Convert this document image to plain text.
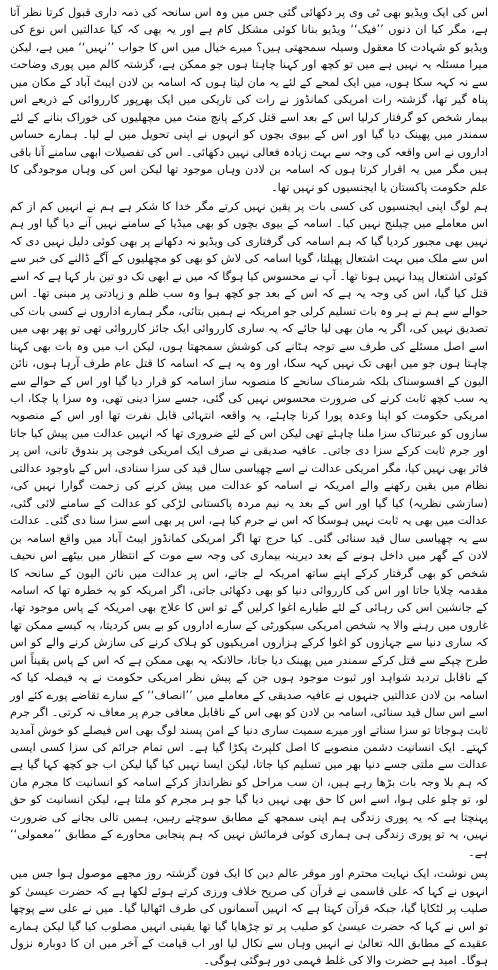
اس کی ایک ویڈیو بھی ٹی وی پر دکھائی گئی جس میں وہ اس سانحہ کی ذمہ داری قبول کرتا نظر آتا ہے، مگر کیا ان دنوں ’’فیک‘‘ ویڈیو بنانا کوئی مشکل کام ہے اور یہ بھی کہ کیا عدالتیں اس نوع کی ویڈیو کو شہادت کا معقول وسیلہ سمجھتی ہیں؟ میرے خیال میں اس کا جواب ’’نہیں‘‘ میں ہے، لیکن میرا مسئلہ یہ نہیں ہے میں تو کچھ اور کہنا چاہتا ہوں جو ممکن ہے، گزشتہ کالم میں پوری وضاحت سے نہ کہہ سکا ہوں، میں ایک لمحے کے لئے یہ مان لیتا ہوں کہ اسامہ بن لادن ایبٹ آباد کے مکان میں پناہ گیر تھا، گزشتہ رات امریکی کمانڈوز نے رات کی تاریکی میں ایک بھرپور کارروائی کے ذریعے اس بیمار شخص کو گرفتار کرلیا اس کے بعد اسے قتل کرکے پانچ منٹ میں مچھلیوں کی خوراک بنانے کے لئے سمندر میں پھینک دیا گیا اور اس کے بیوی بچوں کو انہوں نے اپنی تحویل میں لے لیا۔ ہمارے حساس اداروں نے اس واقعہ کی وجہ سے بہت زیادہ فعالی نہیں دکھائی۔ اس کی تفصیلات ابھی سامنے آنا باقی ہیں مگر میں یہ اقرار کرتا ہوں کہ اسامہ بن لادن وہاں موجود تھا لیکن اس کی وہاں موجودگی کا علم حکومت پاکستان یا ایجنسیوں کو نہیں تھا۔

ہم لوگ اپنی ایجنسیوں کی کسی بات پر یقین نہیں کرتے مگر خدا کا شکر ہے ہم نے انہیں کم از کم اس معاملے میں چیلنج نہیں کیا۔ اسامہ کے بیوی بچوں کو بھی میڈیا کے سامنے نہیں آنے دیا گیا اور ہم نہیں بھی مجبور کردیا گیا کہ ہم اسامہ کی گرفتاری کی ویڈیو نہ دکھانے پر بھی کوئی دلیل نہیں دی کہ اس سے ملک میں بہت اشتعال پھیلتا، گویا اسامہ کی لاش کو بھی کو مچھلیوں کے آگے ڈالنے کی خبر سے کوئی اشتعال پیدا نہیں ہونا تھا۔ آپ نے محسوس کیا ہوگا کہ میں نے ابھی تک دو تین بار کہا ہے کہ اسے قتل کیا گیا، اس کی وجہ یہ ہے کہ اس کے بعد جو کچھ ہوا وہ سب ظلم و زیادتی پر مبنی تھا۔ اس حوالے سے ہم نے ہر وہ بات تسلیم کرلی جو امریکہ نے ہمیں بتائی، مگر ہمارے اداروں نے کسی بات کی تصدیق نہیں کی، اگر یہ مان بھی لیا جائے کہ یہ ساری کارروائی ایک جائز کارروائی تھی تو پھر بھی میں اسے اصل مسئلے کی طرف سے توجہ ہٹانے کی کوشش سمجھتا ہوں، لیکن اب میں وہ بات بھی کہنا چاہتا ہوں جو میں ابھی تک نہیں کہہ سکا، اور وہ یہ ہے کہ اسامہ کا قتل عام طرف آرہا ہوں، نائن الیون کے افسوسناک بلکہ شرمناک سانحے کا منصوبہ ساز اسامہ کو قرار دیا گیا اور اس کے حوالے سے یہ سب کچھ ثابت کرنے کی ضرورت محسوس نہیں کی گئی، جسے سزا دینی تھی، وہ سزا پا چکا، اب امریکی حکومت کو اپنا وعدہ پورا کرنا چاہئے، یہ واقعہ انتہائی قابل نفرت تھا اور اس کے منصوبہ سازوں کو عبرتناک سزا ملنا چاہئے تھی لیکن اس کے لئے ضروری تھا کہ انہیں عدالت میں پیش کیا جاتا اور جرم ثابت کرکے سزا دی جاتی۔ عافیہ صدیقی نے صرف ایک امریکی فوجی پر بندوق تانی، اس پر فائر بھی نہیں کیا، مگر امریکی عدالت نے اسے چھیاسی سال قید کی سزا سنادی، اس کے باوجود عدالتی نظام میں یقین رکھنے والے امریکہ نے اسامہ کو عدالت میں پیش کرنے کی زحمت گوارا نہیں کی، (سازشی نظریہ) کیا گیا اور اس کے بعد یہ نیم مردہ پاکستانی لڑکی کو عدالت کے سامنے لائی گئی، عدالت میں بھی یہ ثابت نہیں ہوسکا کہ اس نے جرم کیا ہے، اس پر بھی اسے سزا سنا دی گئی۔ عدالت سے یہ چھیاسی سال قید سنائی گئی۔ کیا حرج تھا اگر امریکی کمانڈوز ایبٹ آباد میں واقع اسامہ بن لادن کے گھر میں داخل ہونے کے بعد دیرینہ بیماری کی وجہ سے موت کے انتظار میں بیٹھے اس نحیف شخص کو بھی گرفتار کرکے اپنے ساتھ امریکہ لے جاتے، اس پر عدالت میں نائن الیون کے سانحہ کا مقدمہ چلایا جاتا اور اس کی کارروائی دنیا کو بھی دکھائی جاتی، اگر امریکہ کو یہ خطرہ تھا کہ اسامہ کے جانشین اس کی رہائی کے لئے طیارے اغوا کرلیں گے تو اس کا علاج بھی امریکہ کے پاس موجود تھا، غاروں میں رہنے والا یہ شخص امریکی سیکورٹی کے سارے اداروں کو بے بس کردیتا، یہ کیسے ممکن تھا کہ ساری دنیا سے جہازوں کو اغوا کرکے ہزاروں امریکیوں کو ہلاک کرنے کی سازش کرنے والے کو اس طرح چپکے سے قتل کرکے سمندر میں پھینک دیا جاتا، حالانکہ یہ بھی ممکن ہے کہ اس کے پاس یقیناً اس کے ناقابل تردید شواہد اور ثبوت موجود ہوں جن کے پیش نظر امریکی حکومت نے یہ فیصلہ کیا کہ اسامہ بن لادن عدالتیں جنہوں نے عافیہ صدیقی کے معاملے میں ’’انصاف‘‘ کے سارے تقاضے پورے کئے اور اسے اس سال قید سنائی، اسامہ بن لادن کو بھی اس کے ناقابل معافی جرم پر معاف نہ کرتی۔ اگر جرم ثابت ہوجاتا تو سزا سناتے اور میرے سمیت ساری دنیا کے امن پسند لوگ بھی اس فیصلے کو خوش آمدید کہتے۔ ایک انسانیت دشمن منصوبے کا اصل کلپرٹ پکڑا گیا ہے۔ اس تمام جرائم کی سزا کسی ایسی عدالت سے ملتی جسے دنیا بھر میں تسلیم کیا جاتا، لیکن ایسا نہیں کیا گیا لیکن اب جو کچھ کہا گیا ہے کہ ہم بلا وجہ بات بڑھا رہے ہیں، ان سب مراحل کو نظرانداز کرکے اسامہ کو انسانیت کا مجرم مان لو، تو چلو علی ہوا، اسے اس کا حق بھی نہیں دیا گیا جو ہر مجرم کو ملتا ہے، لیکن انسانیت کو حق پہنچتا ہے کہ یہ پوری زندگی ہم اپنی سمجھ کے مطابق سوچتے رہیں، ہمیں تالی بجانے کی ضرورت نہیں، یہ تو پوری زندگی ہی ہماری کوئی فرمائش نہیں کہ ہم پنجابی محاورے کے مطابق ’’معمولی‘‘ ہے۔

پس نوشت، ایک نہایت محترم اور موقر عالم دین کا ایک فون گزشتہ روز مجھے موصول ہوا جس میں انہوں نے کہا کہ علی قاسمی نے قرآن کی صریح خلاف ورزی کرتے ہوئے لکھا ہے کہ حضرت عیسیٰ کو صلیب پر لٹکایا گیا، جبکہ قرآن کہتا ہے کہ انہیں آسمانوں کی طرف اٹھالیا گیا۔ میں نے علی سے پوچھا تو اس نے کہا کہ حضرت عیسیٰ کو صلیب پر تو چڑھایا گیا تھا یقینی انہیں مصلوب کیا گیا لیکن ہمارے عقیدے کے مطابق اللہ تعالیٰ نے انہیں وہاں سے نکال لیا اور اب قیامت کے آخر میں ان کا دوبارہ نزول ہوگا۔ امید ہے حضرت والا کی غلط فہمی دور ہوگئی ہوگی۔
